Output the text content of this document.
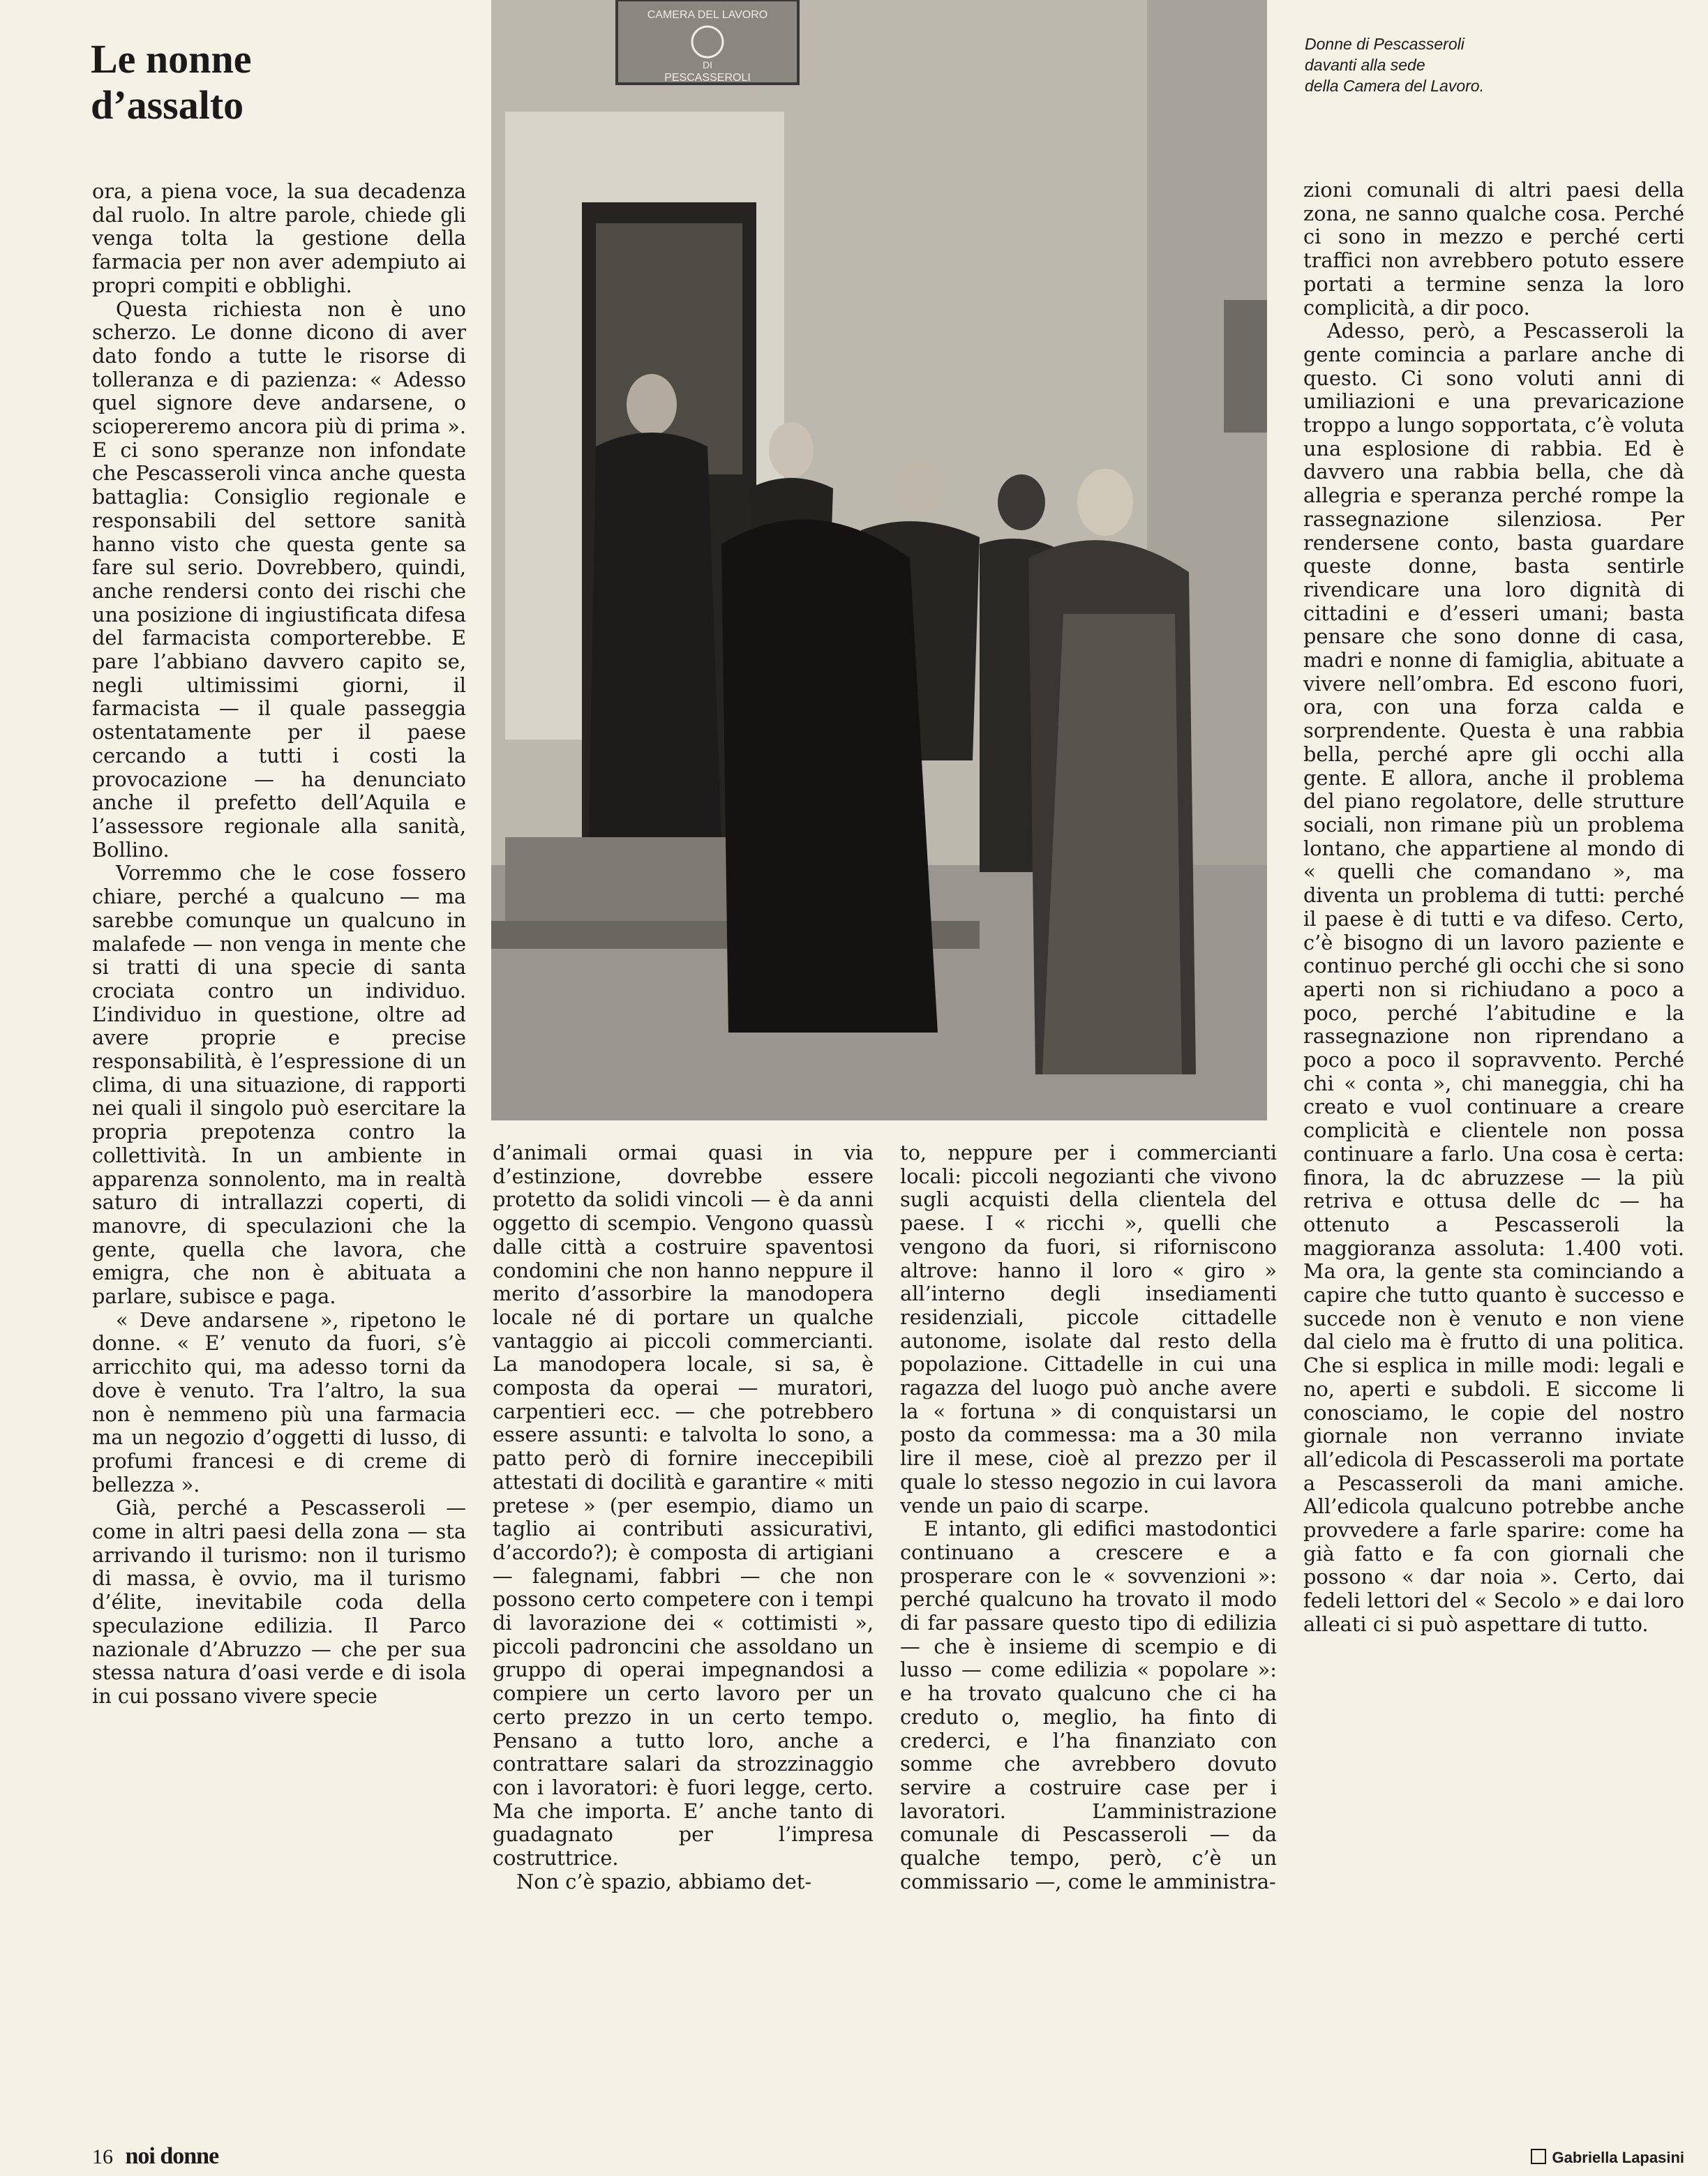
Le nonne
d’assalto
CAMERA DEL LAVORO
DI
PESCASSEROLI
Donne di Pescasseroli
davanti alla sede
della Camera del Lavoro.

ora, a piena voce, la sua decadenza dal ruolo. In altre parole, chiede gli venga tolta la gestione della farmacia per non aver adempiuto ai propri compiti e obblighi.

Questa richiesta non è uno scherzo. Le donne dicono di aver dato fondo a tutte le risorse di tolleranza e di pazienza: « Adesso quel signore deve andarsene, o sciopereremo ancora più di prima ». E ci sono speranze non infondate che Pescasseroli vinca anche questa battaglia: Consiglio regionale e responsabili del settore sanità hanno visto che questa gente sa fare sul serio. Dovrebbero, quindi, anche rendersi conto dei rischi che una posizione di ingiustificata difesa del farmacista comporterebbe. E pare l’abbiano davvero capito se, negli ultimissimi giorni, il farmacista — il quale passeggia ostentatamente per il paese cercando a tutti i costi la provocazione — ha denunciato anche il prefetto dell’Aquila e l’assessore regionale alla sanità, Bollino.

Vorremmo che le cose fossero chiare, perché a qualcuno — ma sarebbe comunque un qualcuno in malafede — non venga in mente che si tratti di una specie di santa crociata contro un individuo. L’individuo in questione, oltre ad avere proprie e precise responsabilità, è l’espressione di un clima, di una situazione, di rapporti nei quali il singolo può esercitare la propria prepotenza contro la collettività. In un ambiente in apparenza sonnolento, ma in realtà saturo di intrallazzi coperti, di manovre, di speculazioni che la gente, quella che lavora, che emigra, che non è abituata a parlare, subisce e paga.

« Deve andarsene », ripetono le donne. « E’ venuto da fuori, s’è arricchito qui, ma adesso torni da dove è venuto. Tra l’altro, la sua non è nemmeno più una farmacia ma un negozio d’oggetti di lusso, di profumi francesi e di creme di bellezza ».

Già, perché a Pescasseroli — come in altri paesi della zona — sta arrivando il turismo: non il turismo di massa, è ovvio, ma il turismo d’élite, inevitabile coda della speculazione edilizia. Il Parco nazionale d’Abruzzo — che per sua stessa natura d’oasi verde e di isola in cui possano vivere specie

d’animali ormai quasi in via d’estinzione, dovrebbe essere protetto da solidi vincoli — è da anni oggetto di scempio. Vengono quassù dalle città a costruire spaventosi condomini che non hanno neppure il merito d’assorbire la manodopera locale né di portare un qualche vantaggio ai piccoli commercianti. La manodopera locale, si sa, è composta da operai — muratori, carpentieri ecc. — che potrebbero essere assunti: e talvolta lo sono, a patto però di fornire ineccepibili attestati di docilità e garantire « miti pretese » (per esempio, diamo un taglio ai contributi assicurativi, d’accordo?); è composta di artigiani — falegnami, fabbri — che non possono certo competere con i tempi di lavorazione dei « cottimisti », piccoli padroncini che assoldano un gruppo di operai impegnandosi a compiere un certo lavoro per un certo prezzo in un certo tempo. Pensano a tutto loro, anche a contrattare salari da strozzinaggio con i lavoratori: è fuori legge, certo. Ma che importa. E’ anche tanto di guadagnato per l’impresa costruttrice.

Non c’è spazio, abbiamo det-

to, neppure per i commercianti locali: piccoli negozianti che vivono sugli acquisti della clientela del paese. I « ricchi », quelli che vengono da fuori, si riforniscono altrove: hanno il loro « giro » all’interno degli insediamenti residenziali, piccole cittadelle autonome, isolate dal resto della popolazione. Cittadelle in cui una ragazza del luogo può anche avere la « fortuna » di conquistarsi un posto da commessa: ma a 30 mila lire il mese, cioè al prezzo per il quale lo stesso negozio in cui lavora vende un paio di scarpe.

E intanto, gli edifici mastodontici continuano a crescere e a prosperare con le « sovvenzioni »: perché qualcuno ha trovato il modo di far passare questo tipo di edilizia — che è insieme di scempio e di lusso — come edilizia « popolare »: e ha trovato qualcuno che ci ha creduto o, meglio, ha finto di crederci, e l’ha finanziato con somme che avrebbero dovuto servire a costruire case per i lavoratori. L’amministrazione comunale di Pescasseroli — da qualche tempo, però, c’è un commissario —, come le amministra-

zioni comunali di altri paesi della zona, ne sanno qualche cosa. Perché ci sono in mezzo e perché certi traffici non avrebbero potuto essere portati a termine senza la loro complicità, a dir poco.

Adesso, però, a Pescasseroli la gente comincia a parlare anche di questo. Ci sono voluti anni di umiliazioni e una prevaricazione troppo a lungo sopportata, c’è voluta una esplosione di rabbia. Ed è davvero una rabbia bella, che dà allegria e speranza perché rompe la rassegnazione silenziosa. Per rendersene conto, basta guardare queste donne, basta sentirle rivendicare una loro dignità di cittadini e d’esseri umani; basta pensare che sono donne di casa, madri e nonne di famiglia, abituate a vivere nell’ombra. Ed escono fuori, ora, con una forza calda e sorprendente. Questa è una rabbia bella, perché apre gli occhi alla gente. E allora, anche il problema del piano regolatore, delle strutture sociali, non rimane più un problema lontano, che appartiene al mondo di « quelli che comandano », ma diventa un problema di tutti: perché il paese è di tutti e va difeso. Certo, c’è bisogno di un lavoro paziente e continuo perché gli occhi che si sono aperti non si richiudano a poco a poco, perché l’abitudine e la rassegnazione non riprendano a poco a poco il sopravvento. Perché chi « conta », chi maneggia, chi ha creato e vuol continuare a creare complicità e clientele non possa continuare a farlo. Una cosa è certa: finora, la dc abruzzese — la più retriva e ottusa delle dc — ha ottenuto a Pescasseroli la maggioranza assoluta: 1.400 voti. Ma ora, la gente sta cominciando a capire che tutto quanto è successo e succede non è venuto e non viene dal cielo ma è frutto di una politica. Che si esplica in mille modi: legali e no, aperti e subdoli. E siccome li conosciamo, le copie del nostro giornale non verranno inviate all’edicola di Pescasseroli ma portate a Pescasseroli da mani amiche. All’edicola qualcuno potrebbe anche provvedere a farle sparire: come ha già fatto e fa con giornali che possono « dar noia ». Certo, dai fedeli lettori del « Secolo » e dai loro alleati ci si può aspettare di tutto.

Gabriella Lapasini
16 noi donne
